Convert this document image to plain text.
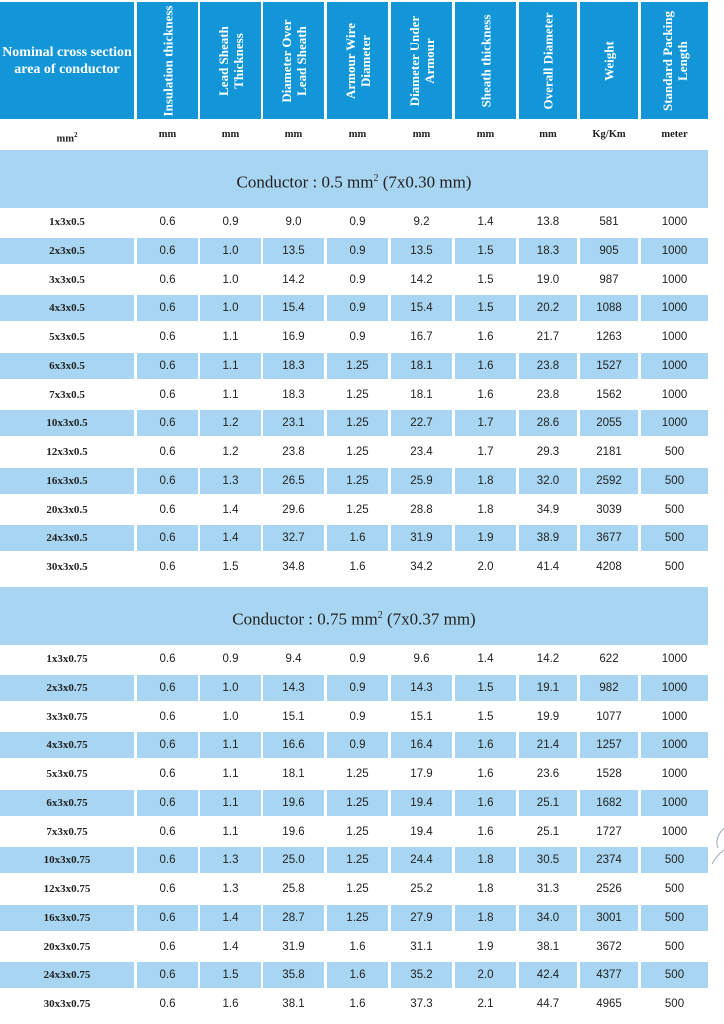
Nominal cross section area of conductor	Insulation thickness	Lead Sheath Thickness	Diameter Over Lead Sheath	Armour Wire Diameter	Diameter Under Armour	Sheath thickness	Overall Diameter	Weight	Standard Packing Length
$mm^2$	mm	mm	mm	mm	mm	mm	mm	Kg/Km	meter
Conductor : 0.5 $mm^2$ (7x0.30 mm)
1x3x0.5	0.6	0.9	9.0	0.9	9.2	1.4	13.8	581	1000
2x3x0.5	0.6	1.0	13.5	0.9	13.5	1.5	18.3	905	1000
3x3x0.5	0.6	1.0	14.2	0.9	14.2	1.5	19.0	987	1000
4x3x0.5	0.6	1.0	15.4	0.9	15.4	1.5	20.2	1088	1000
5x3x0.5	0.6	1.1	16.9	0.9	16.7	1.6	21.7	1263	1000
6x3x0.5	0.6	1.1	18.3	1.25	18.1	1.6	23.8	1527	1000
7x3x0.5	0.6	1.1	18.3	1.25	18.1	1.6	23.8	1562	1000
10x3x0.5	0.6	1.2	23.1	1.25	22.7	1.7	28.6	2055	1000
12x3x0.5	0.6	1.2	23.8	1.25	23.4	1.7	29.3	2181	500
16x3x0.5	0.6	1.3	26.5	1.25	25.9	1.8	32.0	2592	500
20x3x0.5	0.6	1.4	29.6	1.25	28.8	1.8	34.9	3039	500
24x3x0.5	0.6	1.4	32.7	1.6	31.9	1.9	38.9	3677	500
30x3x0.5	0.6	1.5	34.8	1.6	34.2	2.0	41.4	4208	500
Conductor : 0.75 $mm^2$ (7x0.37 mm)
1x3x0.75	0.6	0.9	9.4	0.9	9.6	1.4	14.2	622	1000
2x3x0.75	0.6	1.0	14.3	0.9	14.3	1.5	19.1	982	1000
3x3x0.75	0.6	1.0	15.1	0.9	15.1	1.5	19.9	1077	1000
4x3x0.75	0.6	1.1	16.6	0.9	16.4	1.6	21.4	1257	1000
5x3x0.75	0.6	1.1	18.1	1.25	17.9	1.6	23.6	1528	1000
6x3x0.75	0.6	1.1	19.6	1.25	19.4	1.6	25.1	1682	1000
7x3x0.75	0.6	1.1	19.6	1.25	19.4	1.6	25.1	1727	1000
10x3x0.75	0.6	1.3	25.0	1.25	24.4	1.8	30.5	2374	500
12x3x0.75	0.6	1.3	25.8	1.25	25.2	1.8	31.3	2526	500
16x3x0.75	0.6	1.4	28.7	1.25	27.9	1.8	34.0	3001	500
20x3x0.75	0.6	1.4	31.9	1.6	31.1	1.9	38.1	3672	500
24x3x0.75	0.6	1.5	35.8	1.6	35.2	2.0	42.4	4377	500
30x3x0.75	0.6	1.6	38.1	1.6	37.3	2.1	44.7	4965	500
